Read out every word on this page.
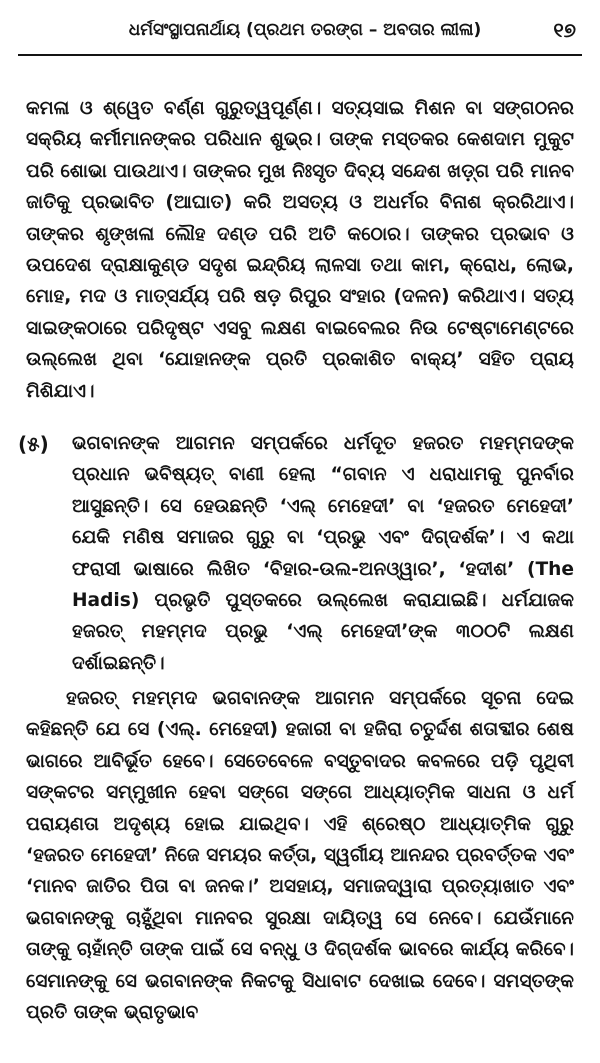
ଧର୍ମସଂସ୍ଥାପନାର୍ଥାୟ (ପ୍ରଥମ ତରଙ୍ଗ – ଅବତାର ଲୀଳା)	୧୭

କମଳା ଓ ଶ୍ୱେତ ବର୍ଣ୍ଣ ଗୁରୁତ୍ୱପୂର୍ଣ୍ଣ। ସତ୍ୟସାଇ ମିଶନ ବା ସଙ୍ଗଠନର ସକ୍ରିୟ କର୍ମୀମାନଙ୍କର ପରିଧାନ ଶୁଭ୍ର। ତାଙ୍କ ମସ୍ତକର କେଶଦାମ ମୁକୁଟ ପରି ଶୋଭା ପାଉଥାଏ। ତାଙ୍କର ମୁଖ ନିଃସୃତ ଦିବ୍ୟ ସନ୍ଦେଶ ଖଡ଼୍‌ଗ ପରି ମାନବ ଜାତିକୁ ପ୍ରଭାବିତ (ଆଘାତ) କରି ଅସତ୍ୟ ଓ ଅଧର୍ମର ବିନାଶ କ୍ରରିଥାଏ। ତାଙ୍କର ଶୃଙ୍ଖଳା ଲୌହ ଦଣ୍ଡ ପରି ଅତି କଠୋର। ତାଙ୍କର ପ୍ରଭାବ ଓ ଉପଦେଶ ଦ୍ରାକ୍ଷାକୁଣ୍ଡ ସଦୃଶ ଇନ୍ଦ୍ରିୟ ଲାଳସା ତଥା କାମ, କ୍ରୋଧ, ଲୋଭ, ମୋହ, ମଦ ଓ ମାତ୍ସର୍ଯ୍ୟ ପରି ଷଡ଼ ରିପୁର ସଂହାର (ଦଳନ) କରିଥାଏ। ସତ୍ୟ ସାଇଙ୍କଠାରେ ପରିଦୃଷ୍ଟ ଏସବୁ ଲକ୍ଷଣ ବାଇବେଲର ନିଉ ଟେଷ୍ଟାମେଣ୍ଟରେ ଉଲ୍ଲେଖ ଥିବା ‘ଯୋହାନଙ୍କ ପ୍ରତି ପ୍ରକାଶିତ ବାକ୍ୟ’ ସହିତ ପ୍ରାୟ ମିଶିଯାଏ।

(୫) ଭଗବାନଙ୍କ ଆଗମନ ସମ୍ପର୍କରେ ଧର୍ମଦୂତ ହଜରତ ମହମ୍ମଦଙ୍କ ପ୍ରଧାନ ଭବିଷ୍ୟତ୍ ବାଣୀ ହେଲା “ଗବାନ ଏ ଧରାଧାମକୁ ପୁନର୍ବାର ଆସୁଛନ୍ତି। ସେ ହେଉଛନ୍ତି ‘ଏଲ୍ ମେହେଦୀ’ ବା ‘ହଜରତ ମେହେଦୀ’ ଯେକି ମଣିଷ ସମାଜର ଗୁରୁ ବା ‘ପ୍ରଭୁ ଏବଂ ଦିଗ୍‌ଦର୍ଶକ’। ଏ କଥା ଫରାସୀ ଭାଷାରେ ଲିଖିତ ‘ବିହାର-ଉଲ-ଅନଓ୍ୱାର’, ‘ହଦୀଶ’ (The Hadis) ପ୍ରଭୃତି ପୁସ୍ତକରେ ଉଲ୍ଲେଖ କରାଯାଇଛି। ଧର୍ମଯାଜକ ହଜରତ୍ ମହମ୍ମଦ ପ୍ରଭୁ ‘ଏଲ୍ ମେହେଦୀ’ଙ୍କ ୩୦୦ଟି ଲକ୍ଷଣ ଦର୍ଶାଇଛନ୍ତି।

ହଜରତ୍ ମହମ୍ମଦ ଭଗବାନଙ୍କ ଆଗମନ ସମ୍ପର୍କରେ ସୂଚନା ଦେଇ କହିଛନ୍ତି ଯେ ସେ (ଏଲ୍. ମେହେଦୀ) ହଜାରୀ ବା ହଜିରା ଚତୁର୍ଦ୍ଦଶ ଶତାବ୍ଦୀର ଶେଷ ଭାଗରେ ଆବିର୍ଭୂତ ହେବେ। ସେତେବେଳେ ବସ୍ତୁବାଦର କବଳରେ ପଡ଼ି ପୃଥିବୀ ସଙ୍କଟର ସମ୍ମୁଖୀନ ହେବା ସଙ୍ଗେ ସଙ୍ଗେ ଆଧ୍ୟାତ୍ମିକ ସାଧନା ଓ ଧର୍ମ ପରାୟଣତା ଅଦୃଶ୍ୟ ହୋଇ ଯାଇଥିବ। ଏହି ଶ୍ରେଷ୍ଠ ଆଧ୍ୟାତ୍ମିକ ଗୁରୁ ‘ହଜରତ ମେହେଦୀ’ ନିଜେ ସମୟର କର୍ତ୍ତା, ସ୍ୱର୍ଗୀୟ ଆନନ୍ଦର ପ୍ରବର୍ତ୍ତକ ଏବଂ ‘ମାନବ ଜାତିର ପିତା ବା ଜନକ।’ ଅସହାୟ, ସମାଜଦ୍ୱାରା ପ୍ରତ୍ୟାଖାତ ଏବଂ ଭଗବାନଙ୍କୁ ଚାହୁଁଥିବା ମାନବର ସୁରକ୍ଷା ଦାୟିତ୍ୱ ସେ ନେବେ। ଯେଉଁମାନେ ତାଙ୍କୁ ଚାହାଁନ୍ତି ତାଙ୍କ ପାଇଁ ସେ ବନ୍ଧୁ ଓ ଦିଗ୍‌ଦର୍ଶକ ଭାବରେ କାର୍ଯ୍ୟ କରିବେ। ସେମାନଙ୍କୁ ସେ ଭଗବାନଙ୍କ ନିକଟକୁ ସିଧାବାଟ ଦେଖାଇ ଦେବେ। ସମସ୍ତଙ୍କ ପ୍ରତି ତାଙ୍କ ଭ୍ରାତୃଭାବ
